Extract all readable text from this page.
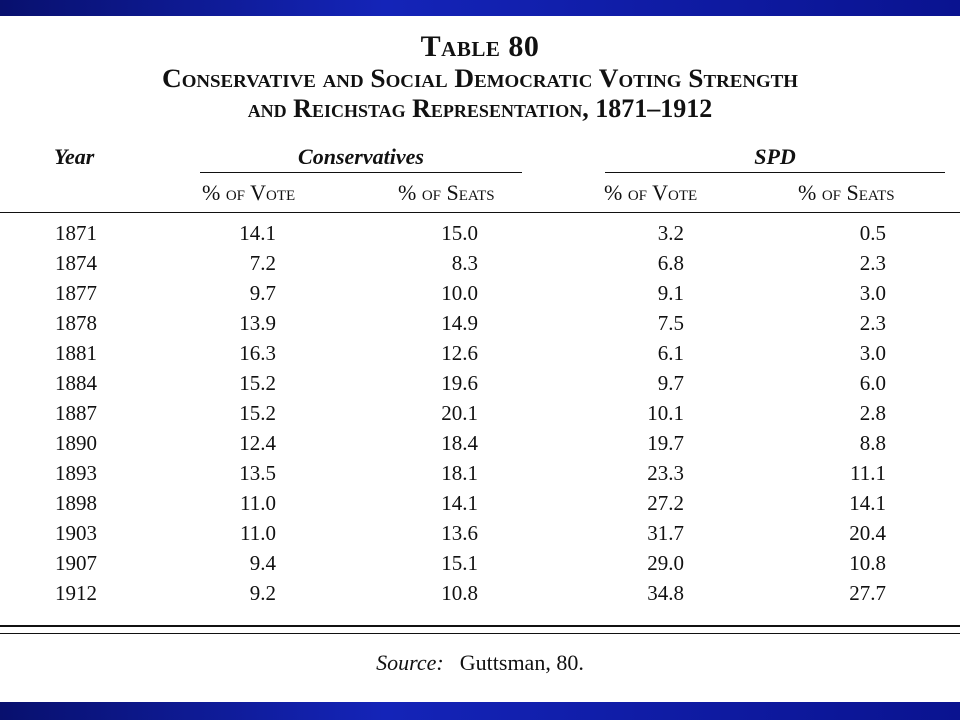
Table 80
Conservative and Social Democratic Voting Strength
and Reichstag Representation, 1871–1912
Year	Conservatives	SPD
% of Vote	% of Seats	% of Vote	% of Seats
1871	14.1	15.0	3.2	0.5
1874	7.2	8.3	6.8	2.3
1877	9.7	10.0	9.1	3.0
1878	13.9	14.9	7.5	2.3
1881	16.3	12.6	6.1	3.0
1884	15.2	19.6	9.7	6.0
1887	15.2	20.1	10.1	2.8
1890	12.4	18.4	19.7	8.8
1893	13.5	18.1	23.3	11.1
1898	11.0	14.1	27.2	14.1
1903	11.0	13.6	31.7	20.4
1907	9.4	15.1	29.0	10.8
1912	9.2	10.8	34.8	27.7
Source: Guttsman, 80.
